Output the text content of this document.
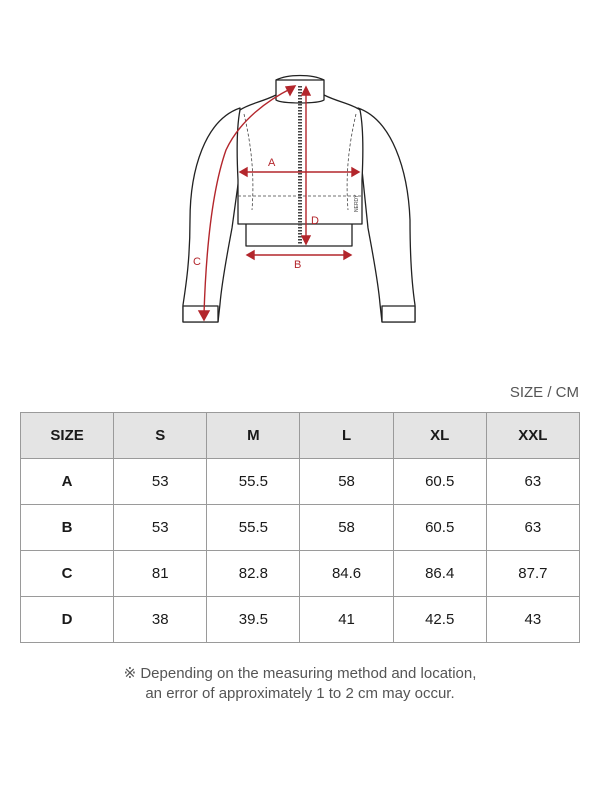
NERDY
A
B
C
D
SIZE / CM
SIZE	S	M	L	XL	XXL
A	53	55.5	58	60.5	63
B	53	55.5	58	60.5	63
C	81	82.8	84.6	86.4	87.7
D	38	39.5	41	42.5	43
※ Depending on the measuring method and location,
an error of approximately 1 to 2 cm may occur.
